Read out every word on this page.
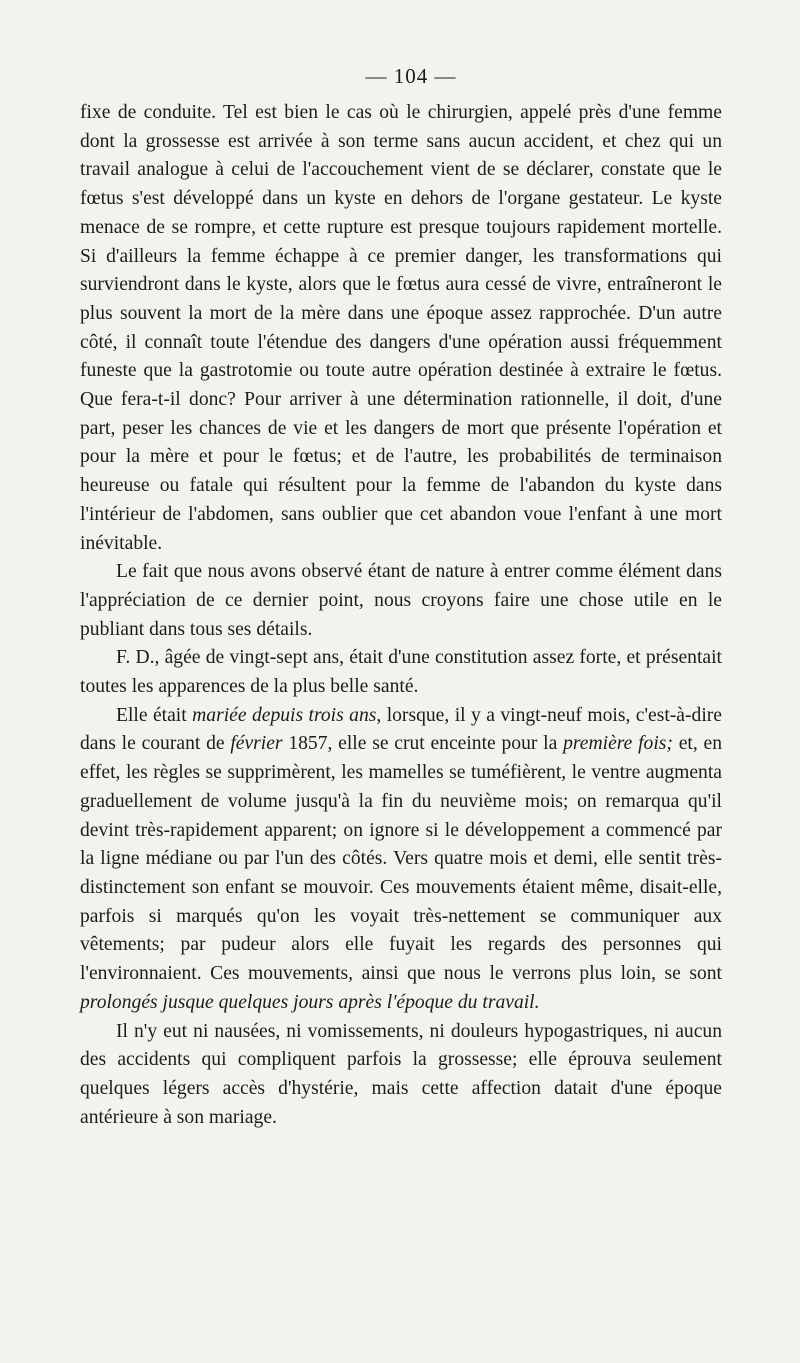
— 104 —

fixe de conduite. Tel est bien le cas où le chirurgien, appelé près d'une femme dont la grossesse est arrivée à son terme sans aucun accident, et chez qui un travail analogue à celui de l'accouchement vient de se déclarer, constate que le fœtus s'est développé dans un kyste en dehors de l'organe gestateur. Le kyste menace de se rompre, et cette rupture est presque toujours rapidement mortelle. Si d'ailleurs la femme échappe à ce premier danger, les transformations qui surviendront dans le kyste, alors que le fœtus aura cessé de vivre, entraîneront le plus souvent la mort de la mère dans une époque assez rapprochée. D'un autre côté, il connaît toute l'étendue des dangers d'une opération aussi fréquemment funeste que la gastrotomie ou toute autre opération destinée à extraire le fœtus. Que fera-t-il donc? Pour arriver à une détermination rationnelle, il doit, d'une part, peser les chances de vie et les dangers de mort que présente l'opération et pour la mère et pour le fœtus; et de l'autre, les probabilités de terminaison heureuse ou fatale qui résultent pour la femme de l'abandon du kyste dans l'intérieur de l'abdomen, sans oublier que cet abandon voue l'enfant à une mort inévitable.

Le fait que nous avons observé étant de nature à entrer comme élément dans l'appréciation de ce dernier point, nous croyons faire une chose utile en le publiant dans tous ses détails.

F. D., âgée de vingt-sept ans, était d'une constitution assez forte, et présentait toutes les apparences de la plus belle santé.

Elle était mariée depuis trois ans, lorsque, il y a vingt-neuf mois, c'est-à-dire dans le courant de février 1857, elle se crut enceinte pour la première fois; et, en effet, les règles se supprimèrent, les mamelles se tuméfièrent, le ventre augmenta graduellement de volume jusqu'à la fin du neuvième mois; on remarqua qu'il devint très-rapidement apparent; on ignore si le développement a commencé par la ligne médiane ou par l'un des côtés. Vers quatre mois et demi, elle sentit très-distinctement son enfant se mouvoir. Ces mouvements étaient même, disait-elle, parfois si marqués qu'on les voyait très-nettement se communiquer aux vêtements; par pudeur alors elle fuyait les regards des personnes qui l'environnaient. Ces mouvements, ainsi que nous le verrons plus loin, se sont prolongés jusque quelques jours après l'époque du travail.

Il n'y eut ni nausées, ni vomissements, ni douleurs hypogastriques, ni aucun des accidents qui compliquent parfois la grossesse; elle éprouva seulement quelques légers accès d'hystérie, mais cette affection datait d'une époque antérieure à son mariage.
